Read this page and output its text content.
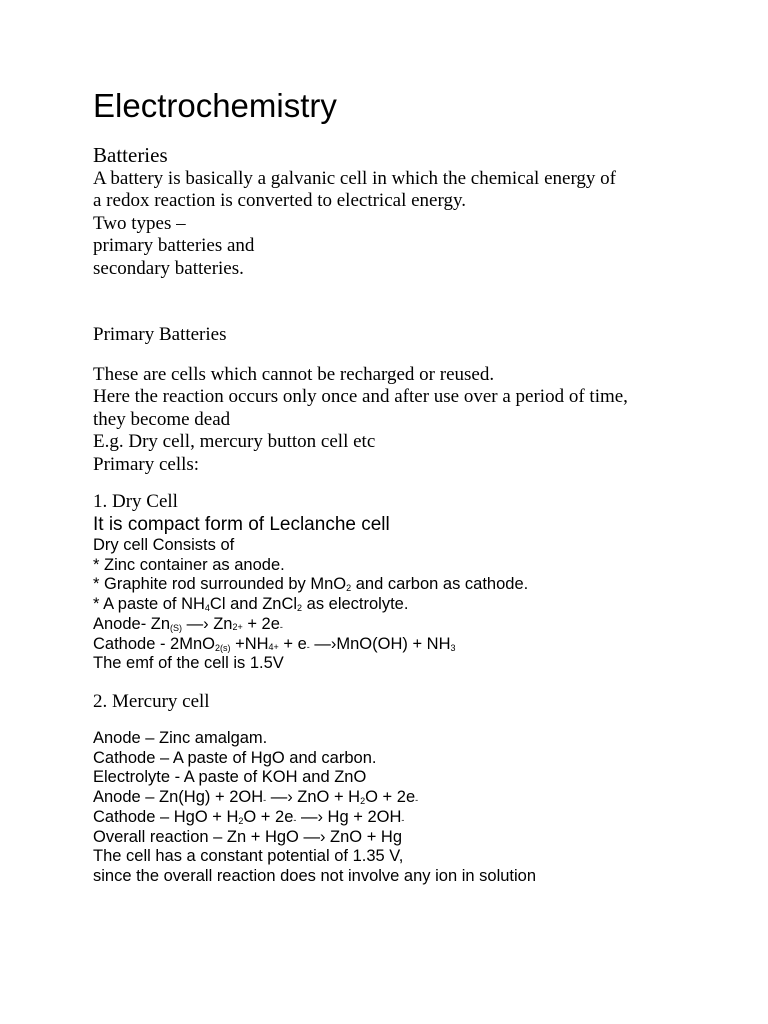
Electrochemistry
Batteries
A battery is basically a galvanic cell in which the chemical energy of
a redox reaction is converted to electrical energy.
Two types –
primary batteries and
secondary batteries.
Primary Batteries
These are cells which cannot be recharged or reused.
Here the reaction occurs only once and after use over a period of time,
they become dead
E.g. Dry cell, mercury button cell etc
Primary cells:
1. Dry Cell
It is compact form of Leclanche cell
Dry cell Consists of
* Zinc container as anode.
* Graphite rod surrounded by MnO$_2$ and carbon as cathode.
* A paste of $NH_4Cl$ and ZnCl$_2$ as electrolyte.
Anode- $Zn_{(S)}$ —› $Zn^{2+} + 2e^-$
Cathode - $2MnO_{2(s)} +NH^{4+} + e^-$ —›MnO(OH) + $NH_3$
The emf of the cell is 1.5V
2. Mercury cell
Anode – Zinc amalgam.
Cathode – A paste of HgO and carbon.
Electrolyte - A paste of KOH and ZnO
Anode – Zn(Hg) + 2OH- —› ZnO + $H_2O + 2e^-$
Cathode – HgO + $H_2O + 2e^-$ —› Hg + 2OH-
Overall reaction – Zn + HgO —› ZnO + Hg
The cell has a constant potential of 1.35 V,
since the overall reaction does not involve any ion in solution
